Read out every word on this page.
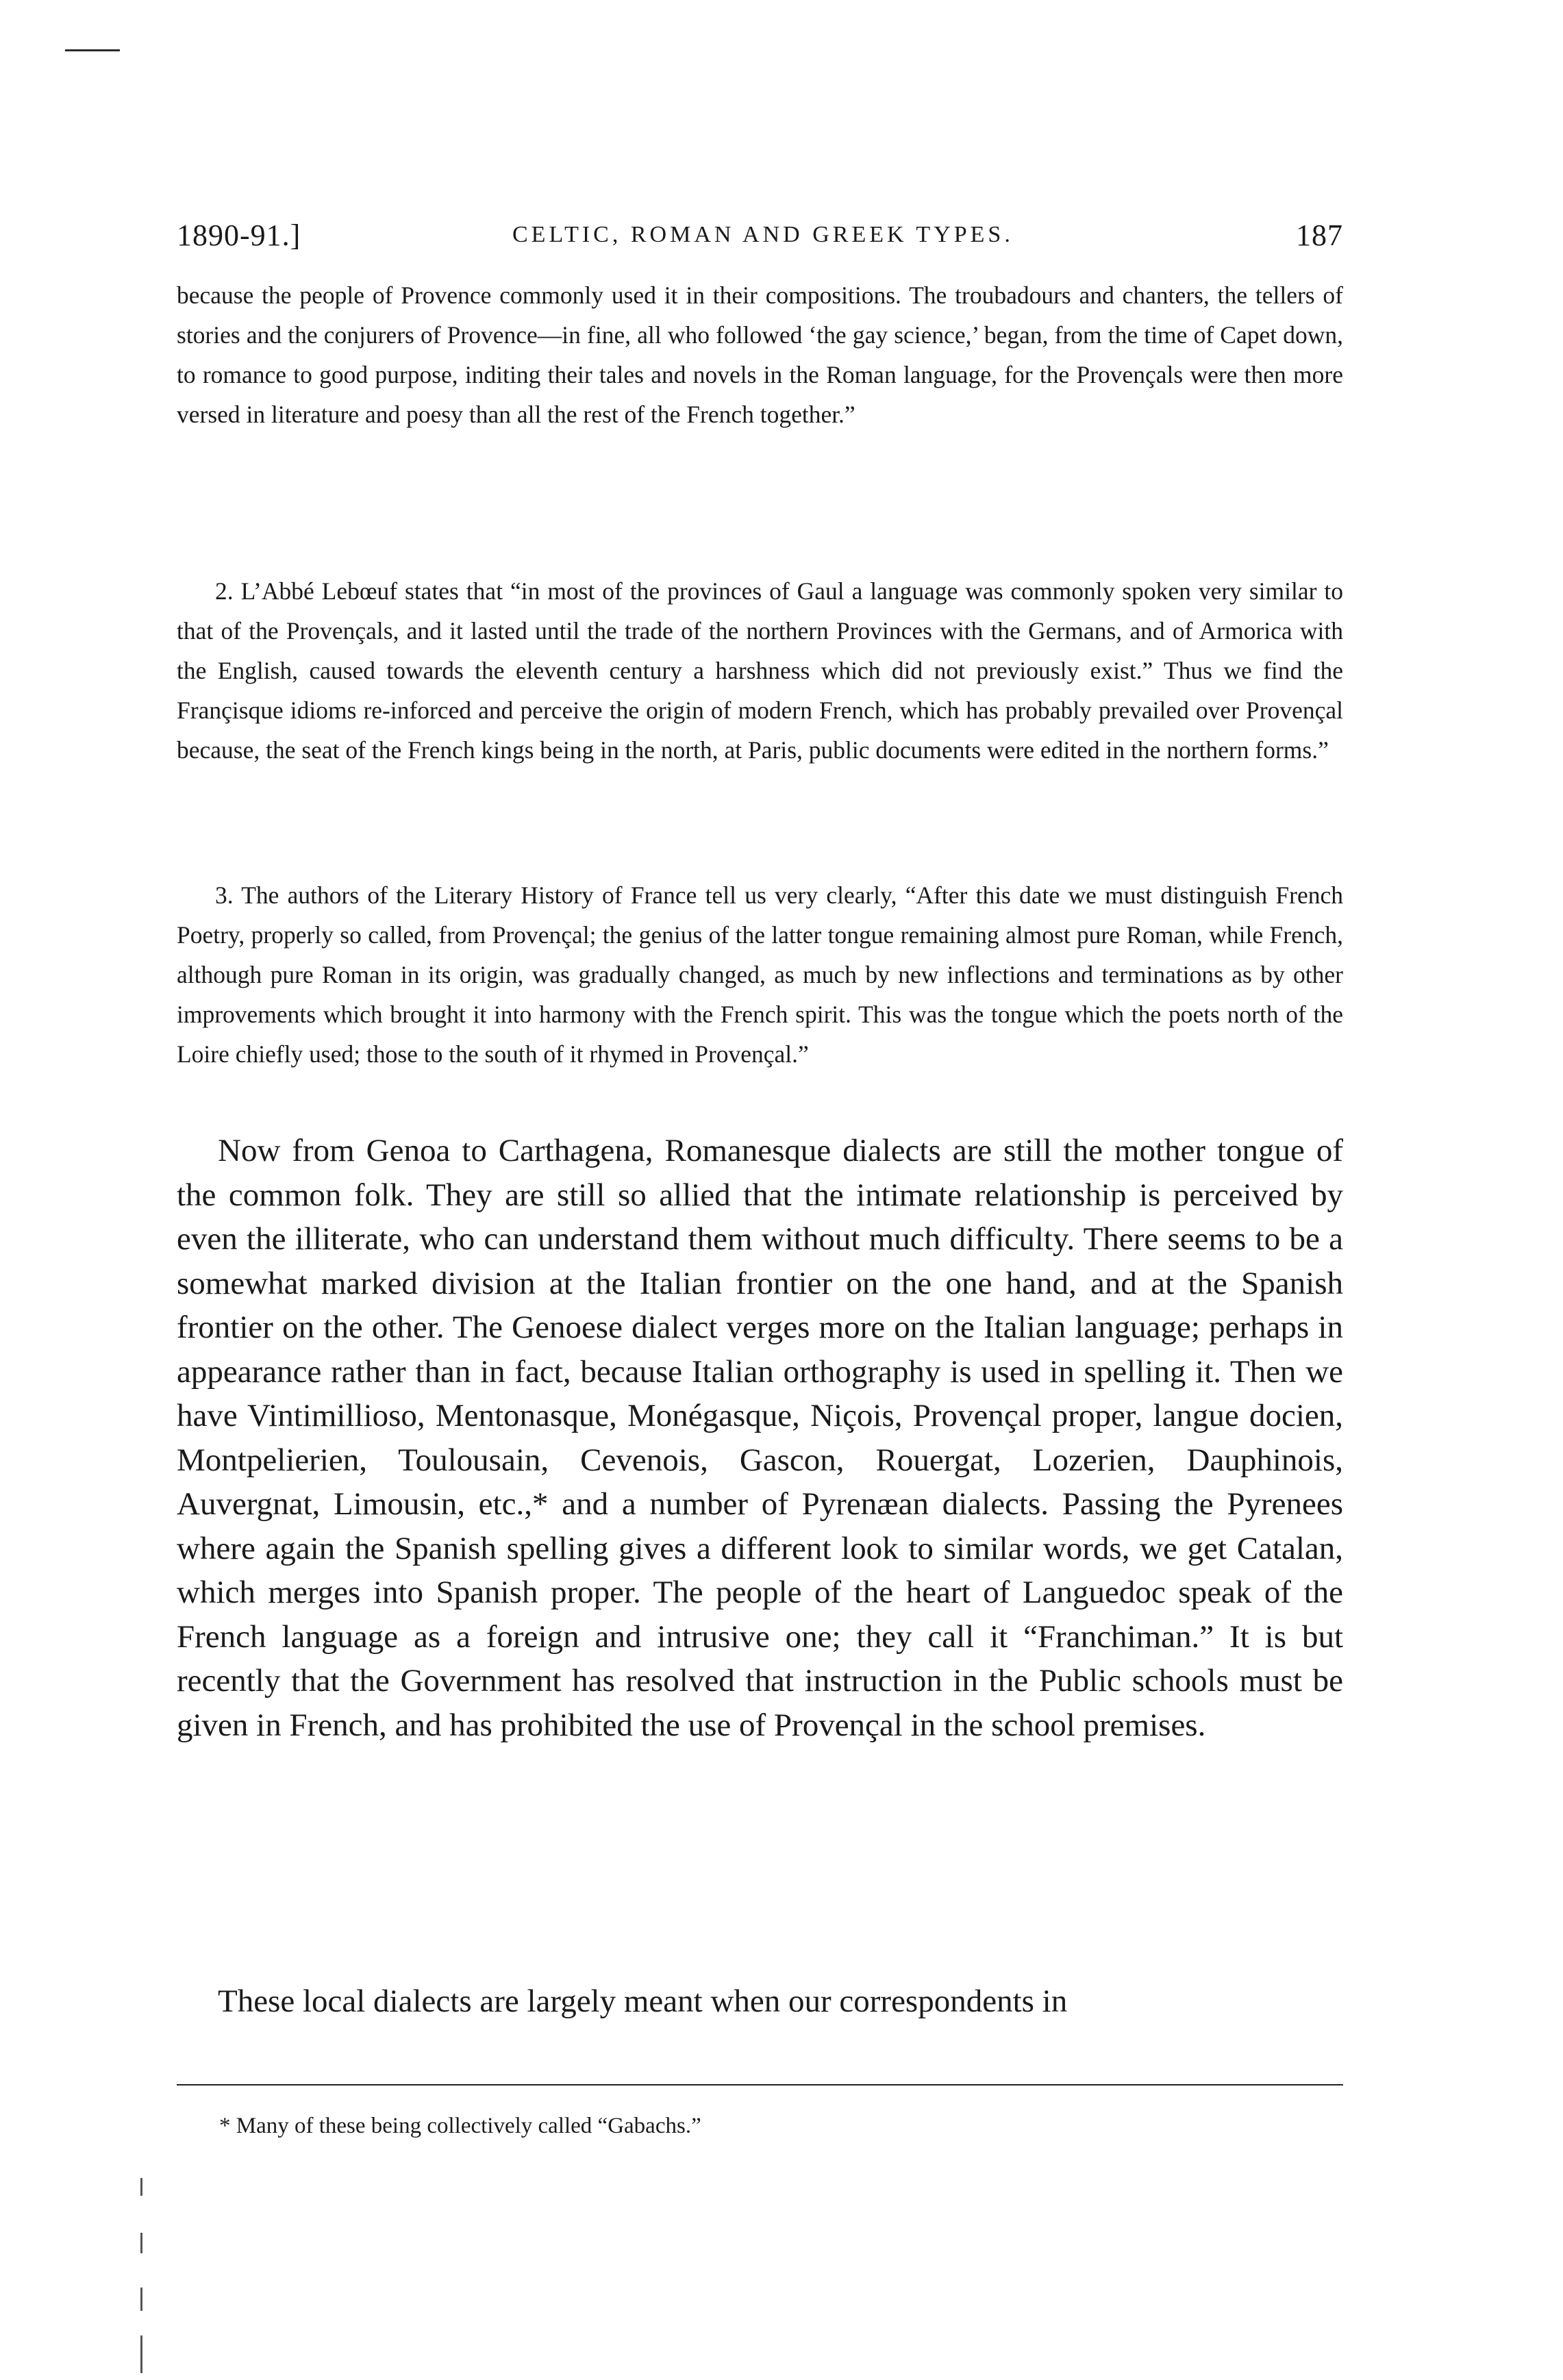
1890-91.]	CELTIC, ROMAN AND GREEK TYPES.	187
because the people of Provence commonly used it in their compositions. The troubadours and chanters, the tellers of stories and the conjurers of Provence—in fine, all who followed ‘the gay science,’ began, from the time of Capet down, to romance to good purpose, inditing their tales and novels in the Roman language, for the Provençals were then more versed in literature and poesy than all the rest of the French together.”
2. L’Abbé Lebœuf states that “in most of the provinces of Gaul a language was commonly spoken very similar to that of the Provençals, and it lasted until the trade of the northern Provinces with the Germans, and of Armorica with the English, caused towards the eleventh century a harshness which did not previously exist.” Thus we find the Françisque idioms re-inforced and perceive the origin of modern French, which has probably prevailed over Provençal because, the seat of the French kings being in the north, at Paris, public documents were edited in the northern forms.”
3. The authors of the Literary History of France tell us very clearly, “After this date we must distinguish French Poetry, properly so called, from Provençal; the genius of the latter tongue remaining almost pure Roman, while French, although pure Roman in its origin, was gradually changed, as much by new inflections and terminations as by other improvements which brought it into harmony with the French spirit. This was the tongue which the poets north of the Loire chiefly used; those to the south of it rhymed in Provençal.”
Now from Genoa to Carthagena, Romanesque dialects are still the mother tongue of the common folk. They are still so allied that the intimate relationship is perceived by even the illiterate, who can understand them without much difficulty. There seems to be a somewhat marked division at the Italian frontier on the one hand, and at the Spanish frontier on the other. The Genoese dialect verges more on the Italian language; perhaps in appearance rather than in fact, because Italian orthography is used in spelling it. Then we have Vintimillioso, Mentonasque, Monégasque, Niçois, Provençal proper, langue docien, Montpelierien, Toulousain, Cevenois, Gascon, Rouergat, Lozerien, Dauphinois, Auvergnat, Limousin, etc.,* and a number of Pyrenæan dialects. Passing the Pyrenees where again the Spanish spelling gives a different look to similar words, we get Catalan, which merges into Spanish proper. The people of the heart of Languedoc speak of the French language as a foreign and intrusive one; they call it “Franchiman.” It is but recently that the Government has resolved that instruction in the Public schools must be given in French, and has prohibited the use of Provençal in the school premises.
These local dialects are largely meant when our correspondents in
* Many of these being collectively called “Gabachs.”
